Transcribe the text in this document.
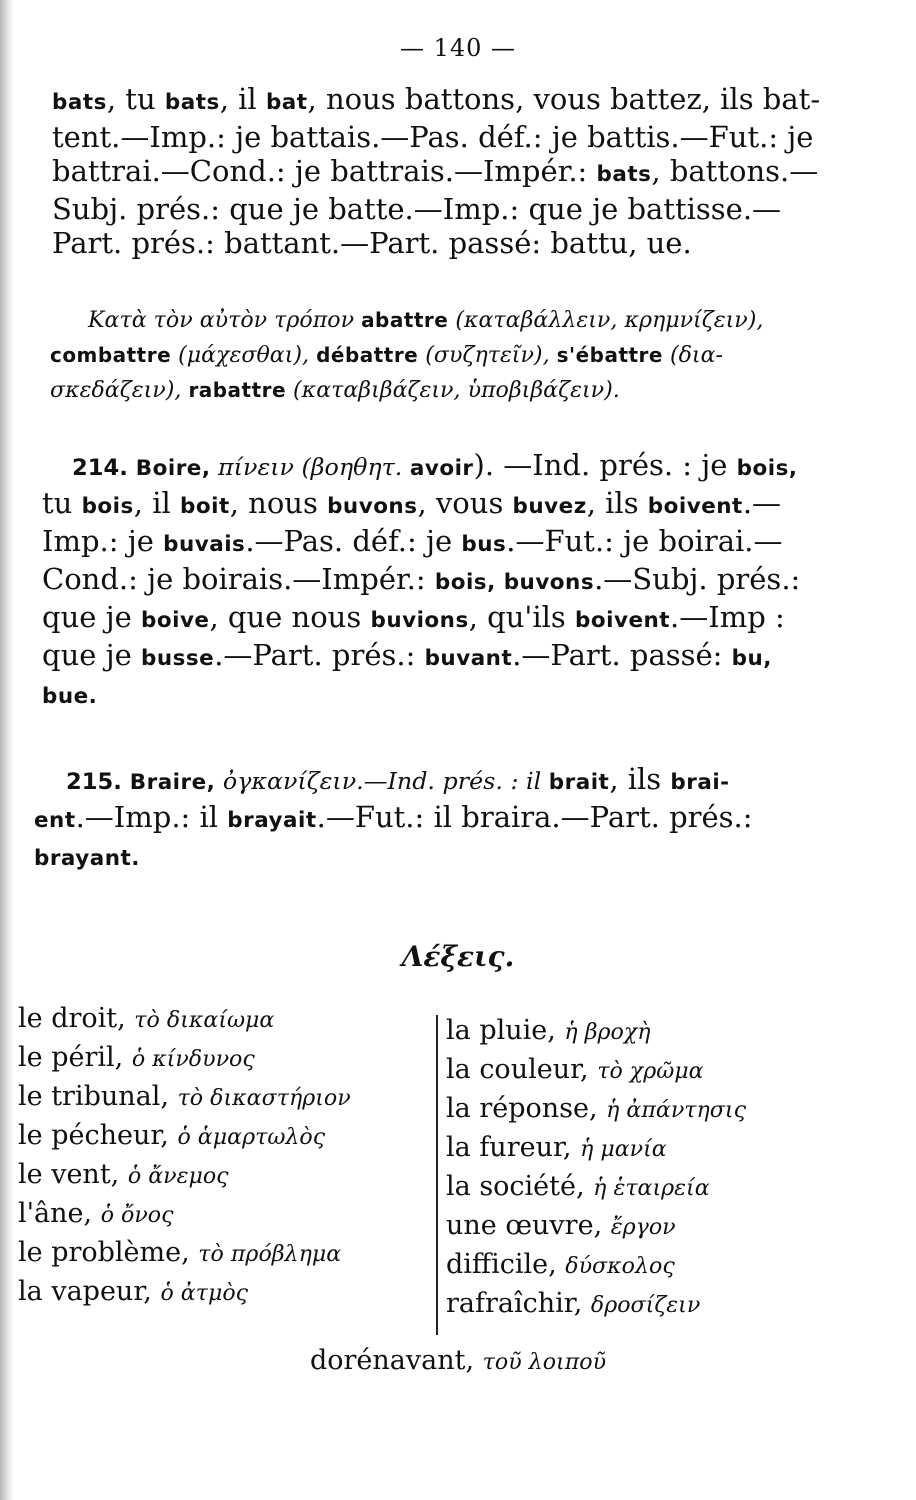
— 140 —
bats, tu bats, il bat, nous battons, vous battez, ils bat-
tent.—Imp.: je battais.—Pas. déf.: je battis.—Fut.: je
battrai.—Cond.: je battrais.—Impér.: bats, battons.—
Subj. prés.: que je batte.—Imp.: que je battisse.—
Part. prés.: battant.—Part. passé: battu, ue.
Κατὰ τὸν αὐτὸν τρόπον abattre (καταβάλλειν, κρημνίζειν),
combattre (μάχεσθαι), débattre (συζητεῖν), s'ébattre (δια-
σκεδάζειν), rabattre (καταβιβάζειν, ὑποβιβάζειν).
214. Boire, πίνειν (βοηθητ. avoir). —Ind. prés. : je bois,
tu bois, il boit, nous buvons, vous buvez, ils boivent.—
Imp.: je buvais.—Pas. déf.: je bus.—Fut.: je boirai.—
Cond.: je boirais.—Impér.: bois, buvons.—Subj. prés.:
que je boive, que nous buvions, qu'ils boivent.—Imp :
que je busse.—Part. prés.: buvant.—Part. passé: bu,
bue.
215. Braire, ὀγκανίζειν.—Ind. prés. : il brait, ils brai-
ent.—Imp.: il brayait.—Fut.: il braira.—Part. prés.:
brayant.
Λέξεις.
le droit, τὸ δικαίωμα
le péril, ὁ κίνδυνος
le tribunal, τὸ δικαστήριον
le pécheur, ὁ ἁμαρτωλὸς
le vent, ὁ ἄνεμος
l'âne, ὁ ὄνος
le problème, τὸ πρόβλημα
la vapeur, ὁ ἀτμὸς
la pluie, ἡ βροχὴ
la couleur, τὸ χρῶμα
la réponse, ἡ ἀπάντησις
la fureur, ἡ μανία
la société, ἡ ἑταιρεία
une œuvre, ἔργον
difficile, δύσκολος
rafraîchir, δροσίζειν
dorénavant, τοῦ λοιποῦ
